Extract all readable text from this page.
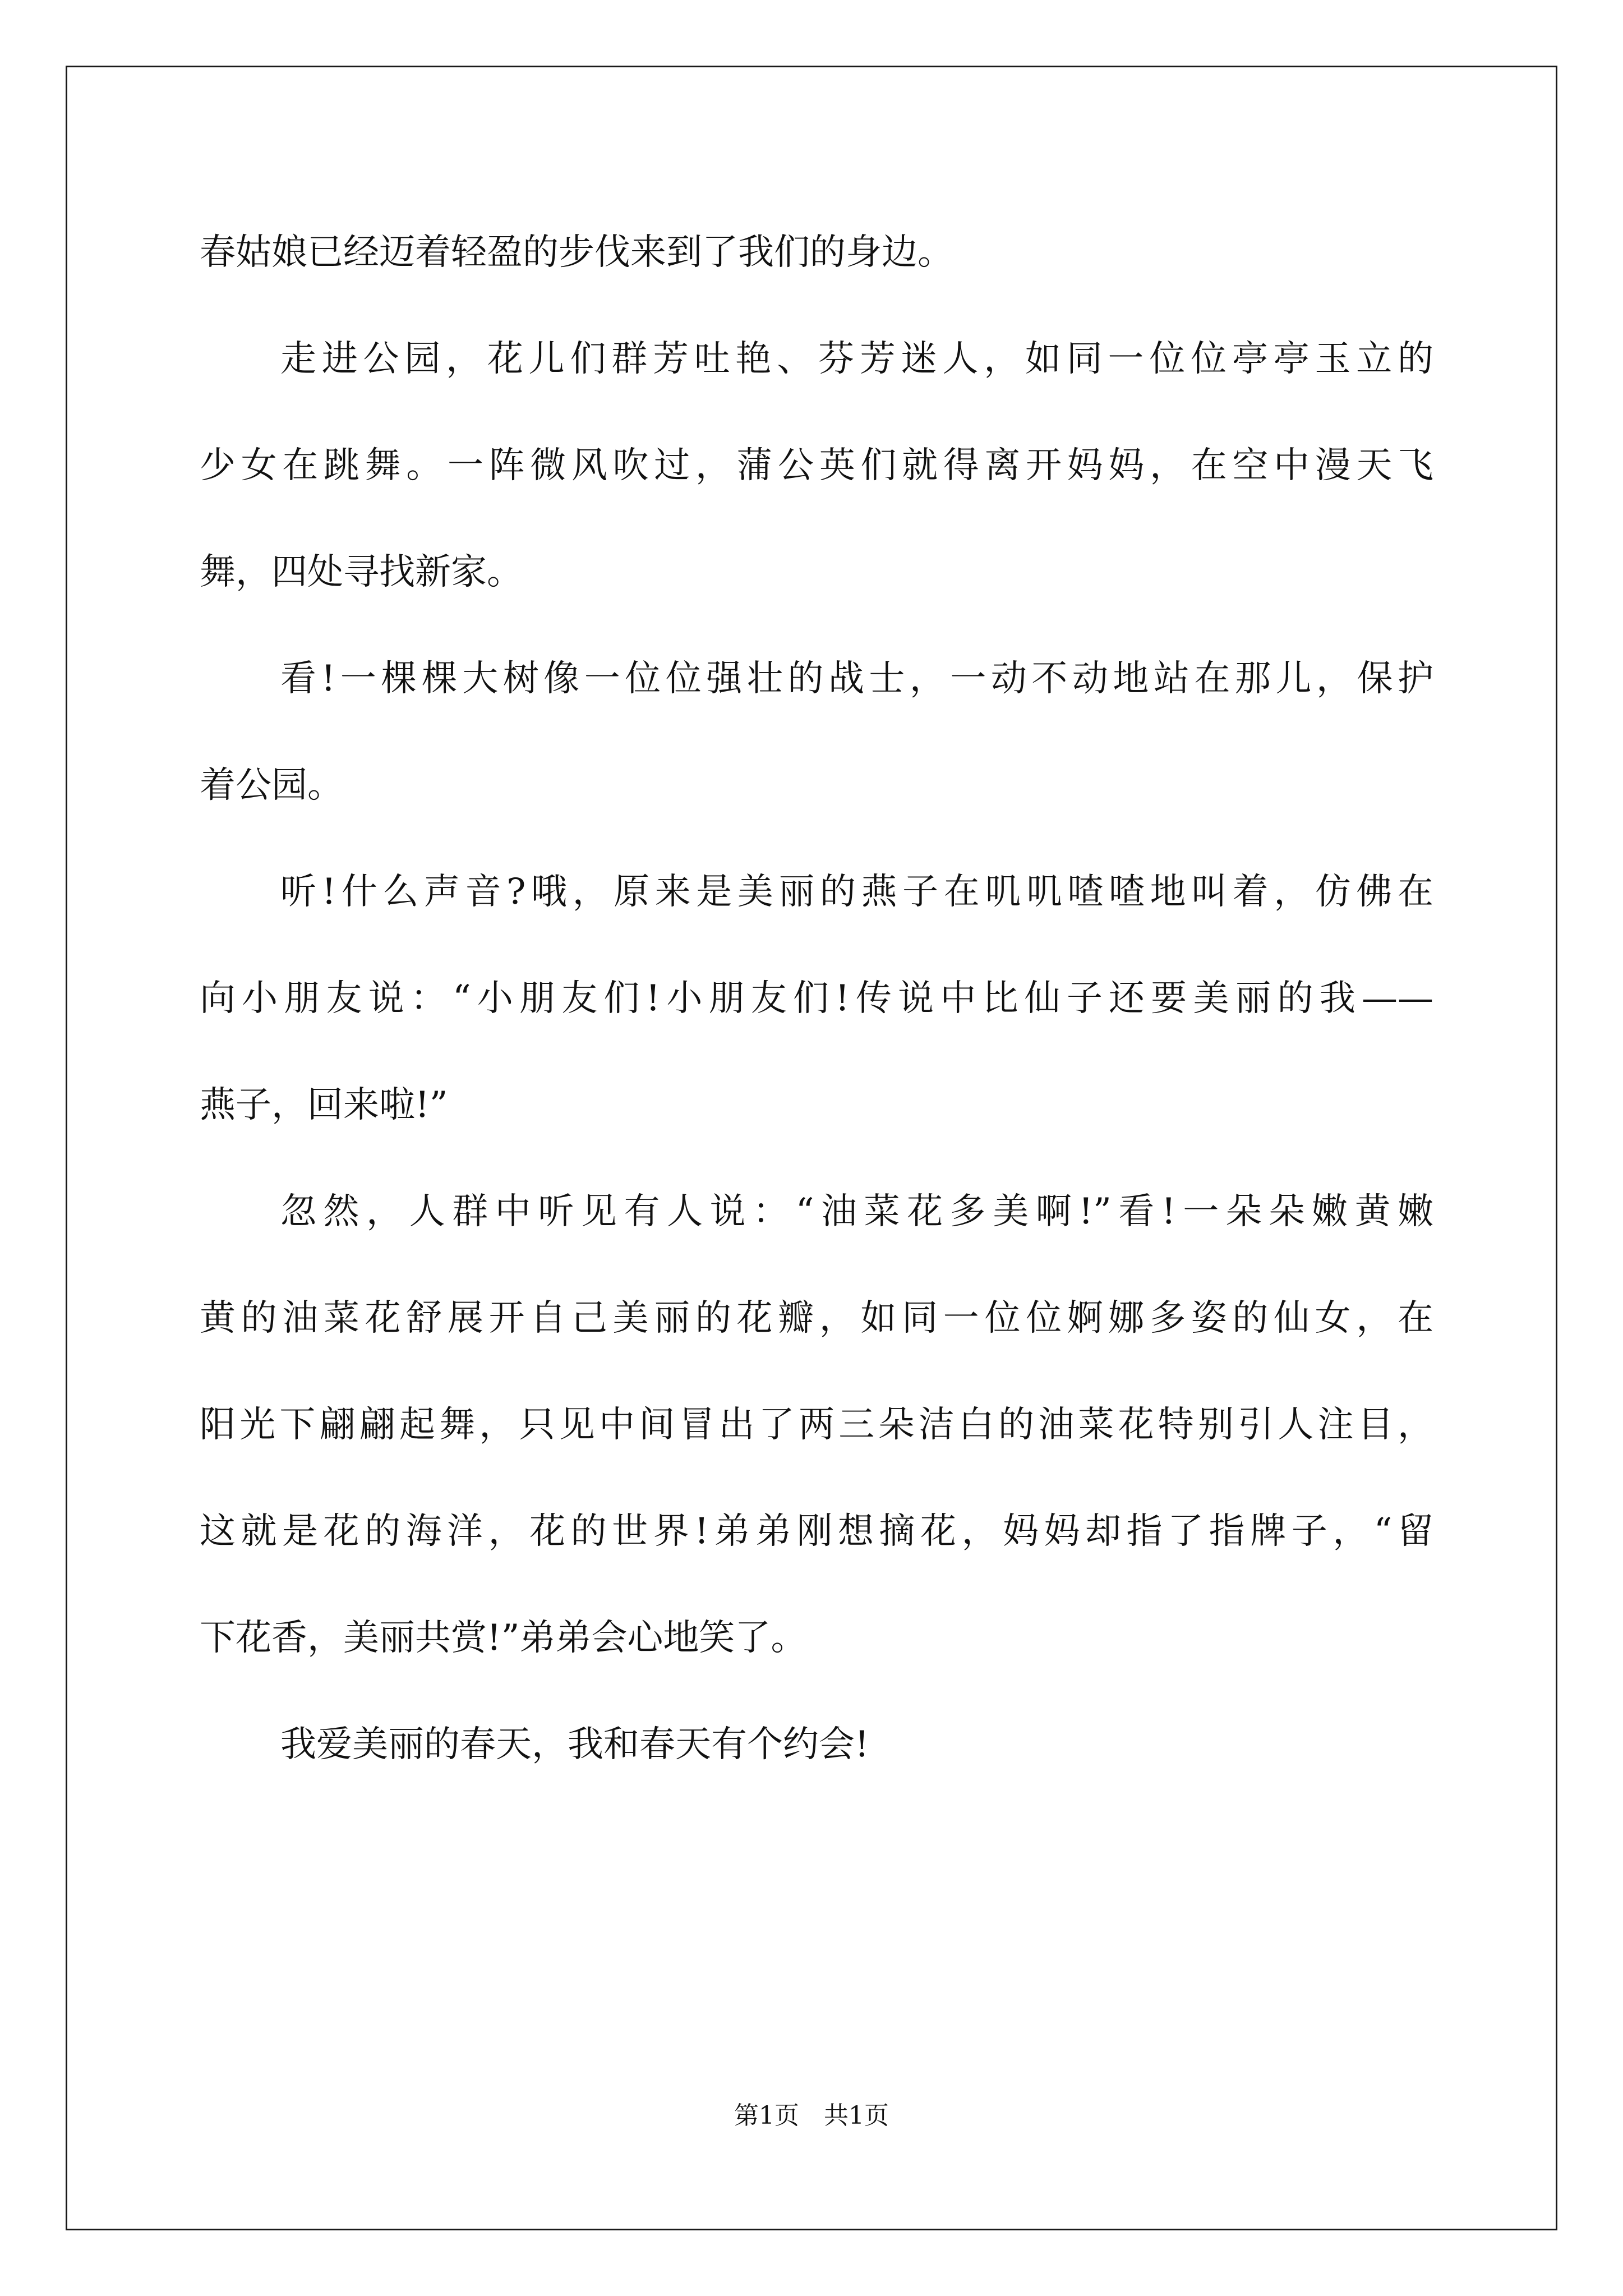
春姑娘已经迈着轻盈的步伐来到了我们的身边。
走进公园，花儿们群芳吐艳、芬芳迷人，如同一位位亭亭玉立的
少女在跳舞。一阵微风吹过，蒲公英们就得离开妈妈，在空中漫天飞
舞，四处寻找新家。
看!一棵棵大树像一位位强壮的战士，一动不动地站在那儿，保护
着公园。
听!什么声音?哦，原来是美丽的燕子在叽叽喳喳地叫着，仿佛在
向小朋友说：“小朋友们!小朋友们!传说中比仙子还要美丽的我——
燕子，回来啦!”
忽然，人群中听见有人说：“油菜花多美啊!”看!一朵朵嫩黄嫩
黄的油菜花舒展开自己美丽的花瓣，如同一位位婀娜多姿的仙女，在
阳光下翩翩起舞，只见中间冒出了两三朵洁白的油菜花特别引人注目，
这就是花的海洋，花的世界!弟弟刚想摘花，妈妈却指了指牌子，“留
下花香，美丽共赏!”弟弟会心地笑了。
我爱美丽的春天，我和春天有个约会!
第1页 共1页
